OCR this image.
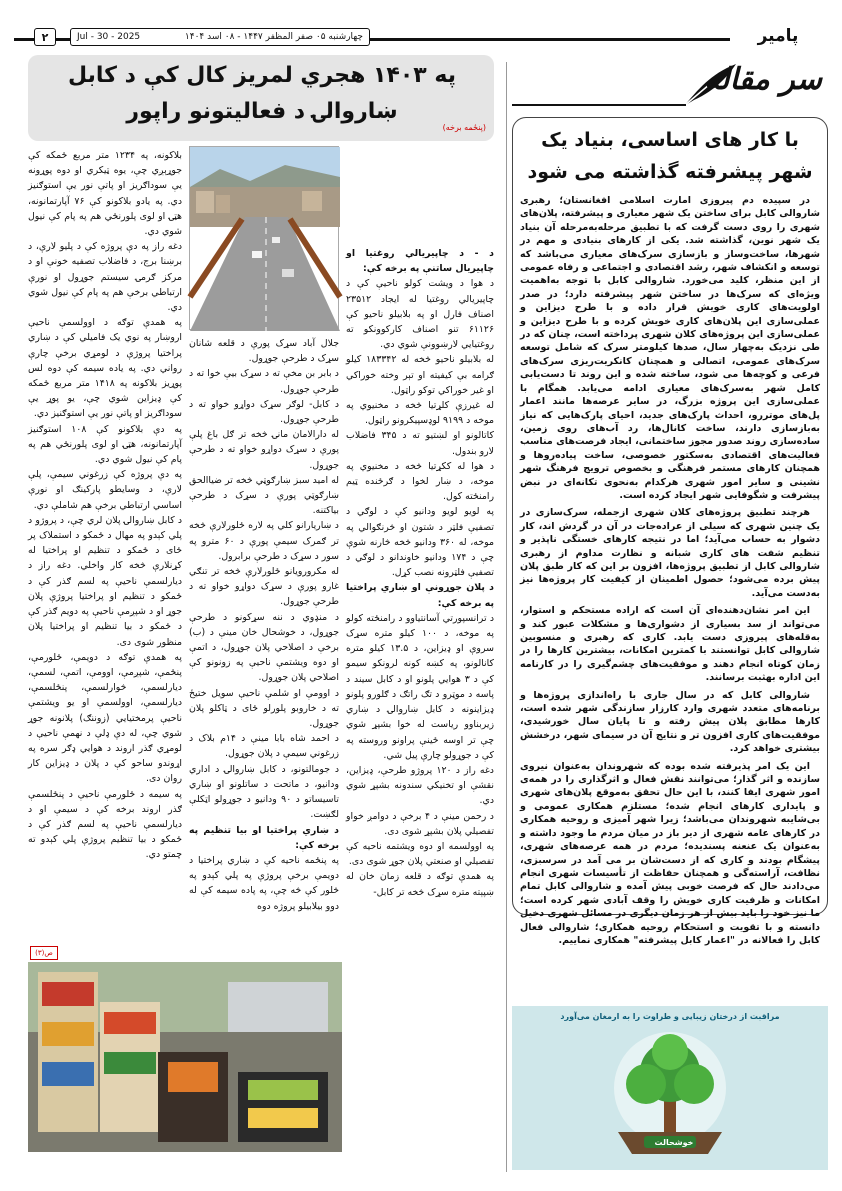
۲	چهارشنبه ۰۵ صفر المظفر ۱۴۴۷ - ۰۸ اسد ۱۴۰۴
Jul - 30 - 2025	پامیر
سر مقاله
با کار های اساسی، بنیاد یک شهر پیشرفته گذاشته می شود

در سپیده دم پیروزی امارت اسلامی افغانستان؛ رهبری شاروالی کابل برای ساختن یک شهر معیاری و پیشرفته، پلان‌های شهری را روی دست گرفت که با تطبیق مرحله‌به‌مرحله آن بنیاد یک شهر نوین، گذاشته شد. یکی از کارهای بنیادی و مهم در شهرها، ساخت‌وساز و بازسازی سرک‌های معیاری می‌باشد که توسعه و انکشاف شهر، رشد اقتصادی و اجتماعی و رفاه عمومی از این منظر، کلید می‌خورد. شاروالی کابل با توجه به‌اهمیت ویژه‌ای که سرک‌ها در ساختن شهر پیشرفته دارد؛ در صدر اولویت‌های کاری خویش قرار داده و با طرح دیزاین و عملی‌سازی این پلان‌های کاری خویش کرده و با طرح دیزاین و عملی‌سازی این پروژه‌های کلان شهری پرداخته است، چنان که در طی نزدیک به‌چهار سال، صدها کیلومتر سرک که شامل توسعه سرک‌های عمومی، اتصالی و همچنان کانکریت‌ریزی سرک‌های فرعی و کوچه‌ها می شود، ساخته شده و این روند تا دست‌یابی کامل شهر به‌سرک‌های معیاری ادامه می‌یابد. همگام با عملی‌سازی این پروژه بزرگ، در سایر عرصه‌ها مانند اعمار پل‌های موتررو، احداث پارک‌های جدید، احیای پارک‌هایی که نیاز به‌بازسازی دارند، ساخت کانال‌ها، رد آب‌های روی زمین، ساده‌سازی روند صدور مجوز ساختمانی، ایجاد فرصت‌های مناسب فعالیت‌های اقتصادی به‌سکتور خصوصی، ساخت پیاده‌روها و همچنان کارهای مستمر فرهنگی و بخصوص ترویج فرهنگ شهر نشینی و سایر امور شهری هرکدام به‌نحوی تکانه‌ای در نبض پیشرفت و شگوفایی شهر ایجاد کرده است.

هرچند تطبیق پروژه‌های کلان شهری از‌جمله، سرک‌سازی در یک چنین شهری که سیلی از عراده‌جات در آن در گردش اند، کار دشوار به حساب می‌آید؛ اما در نتیجه کارهای خستگی ناپذیر و تنظیم شفت های کاری شبانه و نظارت مداوم از رهبری شاروالی کابل از تطبیق پروژه‌ها، افزون بر این که کار طبق پلان پیش برده می‌شود؛ حصول اطمینان از کیفیت کار پروژه‌ها نیز به‌دست می‌آید.

این امر نشان‌دهنده‌ای آن است که اراده مستحکم و استوار، می‌تواند از سد بسیاری از دشواری‌ها و مشکلات عبور کند و به‌قله‌های پیروزی دست یابد. کاری که رهبری و منسوبین شاروالی کابل توانستند با کمترین امکانات، بیشترین کارها را در زمان کوتاه انجام دهند و موفقیت‌های چشم‌گیری را در کارنامه این اداره بهثبت برسانند.

شاروالی کابل که در سال جاری با راه‌اندازی پروژه‌ها و برنامه‌های متعدد شهری وارد کارزار سازندگی شهر شده است، کارها مطابق پلان پیش رفته و تا پایان سال خورشیدی، موفقیت‌های کاری افزون تر و نتایج آن در سیمای شهر، درخشش بیشتری خواهد کرد.

این یک امر پذیرفته شده بوده که شهروندان به‌عنوان نیروی سازنده و اثر گذار؛ می‌توانند نقش فعال و اثرگذاری را در همه‌ی امور شهری ایفا کنند، با این حال تحقق به‌موقع پلان‌های شهری و پایداری کارهای انجام شده؛ مستلزم همکاری عمومی و بی‌شایبه شهروندان می‌باشد؛ زیرا شهر آمیزی و روحیه همکاری در کارهای عامه شهری از دیر باز در میان مردم ما وجود داشته و به‌عنوان یک عنعنه پسندیده؛ مردم در همه عرصه‌های شهری، پیشگام بودند و کاری که از دست‌شان بر می آمد در سرسبزی، نظافت، آراسته‌گی و همچنان حفاظت از تأسیسات شهری انجام می‌دادند حال که فرصت خوبی پیش آمده و شاروالی کابل تمام امکانات و ظرفیت کاری خویش را وقف آبادی شهر کرده است؛ ما نیز خود را باید بیش از هر زمان دیگری در مسائل شهری دخیل دانسته و با تقویت و استحکام روحیه همکاری؛ شاروالی فعال کابل را فعالانه در "اعمار کابل پیشرفته" همکاری نماییم.

مراقبت از درختان زیبایی و طراوت را به ارمغان می‌آورد
خوشحالت
په ۱۴۰۳ هجري لمریز کال کې د کابل ښاروالۍ د فعالیتونو راپور
(پنځمه برخه)

د - د چاپیریالي روغتیا او چاپیریال ساتنې په برخه کې:

د هوا د ویشت کولو ناحیې کې د چاپیریالي روغتیا له ایجاد ۲۳۵۱۲ اصناف فارل او په بلابیلو ناحیو کې ۶۱۱۲۶ تنو اصناف کارکوونکو ته روغتیایي لارښوونې شوي دي.

له بلابیلو ناحیو څخه له ۱۸۳۳۴۲ کیلو ګرامه بې کیفیته او تېر وخته خوراکي او غیر خوراکي توکو راټول.

له غیرزې کلړتیا څخه د مخنیوي په موخه د ۹۱۹۹ لوډسپیکرونو راټول.

کاتالونو او لښتیو ته د ۳۴۵ فاضلاب لارو بندول.

د هوا له ککړتیا څخه د مخنیوي په موخه، د ښار لخوا د ګرځنده ټیم رامنځته کول.

په لویو لویو ودانیو کې د لوګي د تصفیې فلټر د شتون او څرنګوالي په موخه، له ۳۶۰ ودانیو څخه څارنه شوې چې د ۱۷۴ ودانیو خاوندانو د لوګي د تصفیې فلټرونه نصب کړل.

د پلان جوړونې او ښاري پراختیا په برخه کې:

د ترانسپورتي آسانتیاوو د رامنځته کولو په موخه، د ۱۰۰ کیلو متره سړک سروې او ډیزاین، د ۱۳.۵ کیلو متره کانالونو، په کښه کونه لرونکو سیمو کې د ۳ هوایي پلونو او د کابل سیند د پاسه د موټرو د تګ راتګ د ګلورو پلونو ډیزاینونه د کابل ښاروالۍ د ښاري زیربناوو ریاست له خوا بشپړ شوي چې تر اوسه ځینې پراونو وروسته په کې د جوړولو چارې پیل شي.

دغه راز د ۱۲۰ پروژو طرحې، ډیزاین، نقشې او تخنیکي سندونه بشپړ شوي دي.

د رحمن مینې د ۴ برخې د دوامږ خواو تفصیلي پلان بشپړ شوی دی.

په اوولسمه او دوه ویشتمه ناحیه کې تفصیلي او صنعتي پلان جوړ شوی دی.

په همدې توګه د قلعه زمان خان له ښپېته متره سړک څخه تر کابل-

جلال آباد سړک پورې د قلعه شانان سړک د طرحې جوړول.

د بابر بن مخې ته د سړک بيې خوا ته د طرحې جوړول.

د کابل- لوګر سړک دواړو خواو ته د طرحې جوړول.

له دارالامان مانۍ څخه تر ګل باغ پلې پورې د سړک دواړو خواو ته د طرحې جوړول.

له امید سبز ښارګوټي څخه تر ضیاالحق ښارګوټي پورې د سړک د طرحې بیاکتنه.

د ښاریارانو کلي په لاره ځلورلارې څخه تر ګمرک سیمې پورې د ۶۰ مترو په سور د سړک د طرحې برابرول.

له مکرورویانو ځلورلارې څخه تر تنګي غارو پورې د سړک دواړو خواو ته د طرحې جوړول.

د منډوي د ننه سړکونو د طرحې جوړول، د خوشحال خان مینې د (ب) برخې د اصلاحي پلان جوړول، د اتمې او دوه ویشتمې ناحیې په زونونو کې اصلاحي پلان جوړول.

د اوومې او شلمې ناحیې سویل ختیځ ته د خاروبو پلورلو ځای د ټاکلو پلان جوړول.

د احمد شاه بابا مینې د ۱۴م بلاک د زرغوني سیمې د پلان جوړول.

د جومالتونو، د کابل ښاروالۍ د اداري ودانیو، د ماتحت د ساتلونو او ښاري تاسیساتو د ۹۰ ودانیو د جوړولو اټکلې لګښت.

د ښاري پراختیا او بیا تنظیم په برخه کې:

په پنځمه ناحیه کې د ښاري پراختیا د دویمې برخې پروژې په پلي کېدو په څلور کې څه چې، په پاده سیمه کې له دوو بیلابیلو پروژه دوه

بلاکونه، په ۱۲۳۴ متر مربع ځمکه کې جوړېږي چې، یوه ټیکري او دوه پوړونه یې سوداګریز او پاتې نور یې استوګنیز دي. په یادو بلاکونو کې ۷۶ آپارتمانونه، هټۍ او لوی پلورنځي هم په پام کې نیول شوي دي.

دغه راز په دې پروژه کې د پلیو لارې، د برښنا برج، د فاضلاب تصفیه خونې او د مرکز ګرمۍ سیستم جوړول او نورې ارتباطي برخې هم په پام کې نیول شوي دي.

په همدې توګه د اوولسمې ناحیې اروښار په نوي یک فامیلي کې د ښاري پراختیا پروژې د لومړي برخې چارې رواني دي. په یاده سیمه کې دوه لس پوړیز بلاکونه په ۱۴۱۸ متر مربع ځمکه کې ډیزاین شوي چې، یو پوړ یې سوداګریز او پاتې نور یې استوګنیز دي.

په دې بلاکونو کې ۱۰۸ استوګنیز آپارتمانونه، هټۍ او لوی پلورنځي هم په پام کې نیول شوي دي.

په دې پروژه کې زرغوني سیمې، پلې لارې، د وسایطو پارکینګ او نورې اساسي ارتباطي برخې هم شاملې دي.

د کابل ښاروالۍ پلان لري چې، د پروژو د پلي کېدو په مهال د ځمکو د استملاک پر ځای د ځمکو د تنظیم او پراختیا له کړنلارې څخه کار واخلي. دغه راز د دیارلسمې ناحیې په لسم ګذر کې د ځمکو د تنظیم او پراختیا پروژې پلان جوړ او د شپږمې ناحیې په دویم ګذر کې د ځمکو د بیا تنظیم او پراختیا پلان منظور شوی دی.

په همدې توګه د دویمې، ځلورمې، پنځمې، شپږمې، اوومې، اتمې، لسمې، دیارلسمې، څوارلسمې، پنځلسمې، دیارلسمې، اوولسمې او یو ویشتمې ناحیې پرمختیایي (زوننګ) پلانونه جوړ شوي چې، له دې ډلې د نهمې ناحیې د لومړي ګذر اروند د هوایي ډګر سره په اړوندو ساحو کې د پلان د ډیزاین کار روان دی.

په سیمه د ځلورمې ناحیې د پنځلسمې ګذر اروند برخه کې د سیمې او د دیارلسمې ناحیې په لسم ګذر کې د ځمکو د بیا تنظیم پروژې پلي کېدو ته چمتو دي.

ص(٣)
